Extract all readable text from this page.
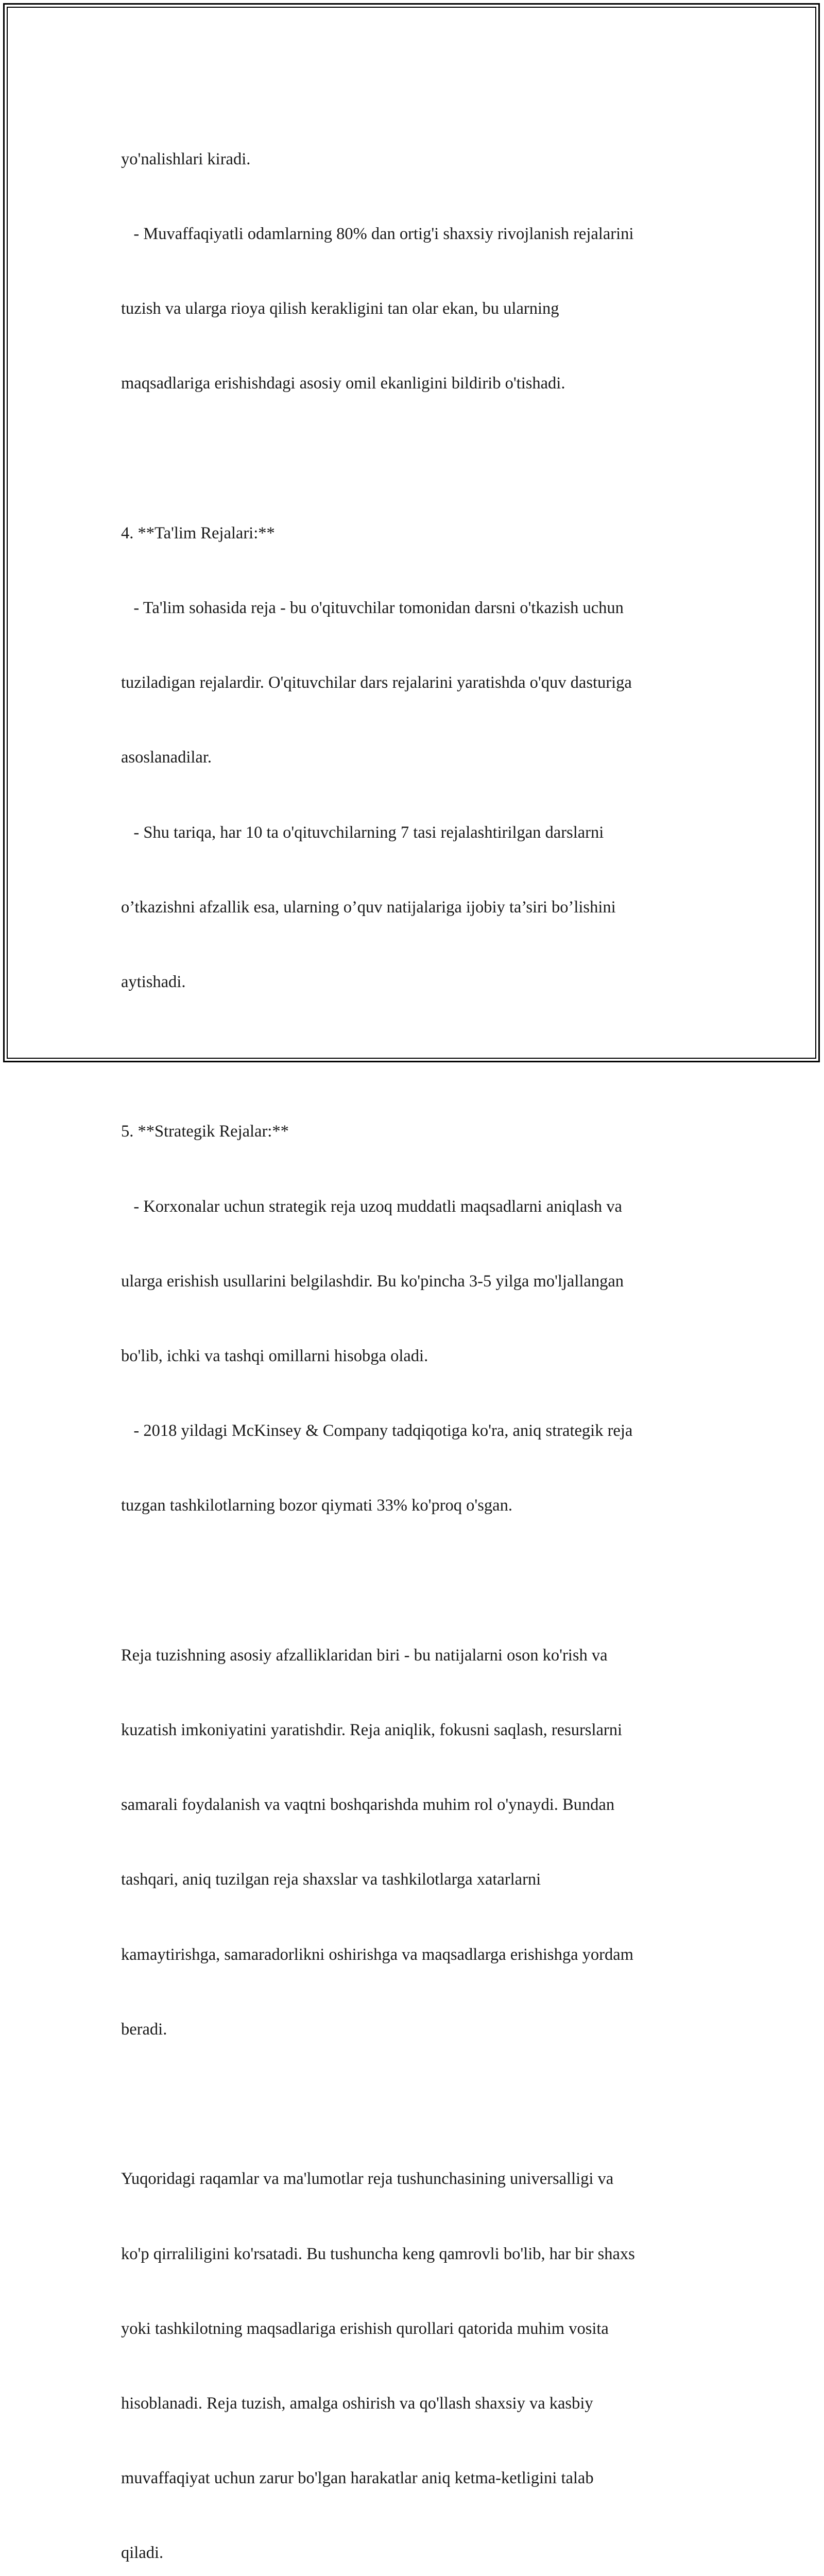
yo'nalishlari kiradi.

- Muvaffaqiyatli odamlarning 80% dan ortig'i shaxsiy rivojlanish rejalarini

tuzish va ularga rioya qilish kerakligini tan olar ekan, bu ularning

maqsadlariga erishishdagi asosiy omil ekanligini bildirib o'tishadi.

4. **Ta'lim Rejalari:**

- Ta'lim sohasida reja - bu o'qituvchilar tomonidan darsni o'tkazish uchun

tuziladigan rejalardir. O'qituvchilar dars rejalarini yaratishda o'quv dasturiga

asoslanadilar.

- Shu tariqa, har 10 ta o'qituvchilarning 7 tasi rejalashtirilgan darslarni

o’tkazishni afzallik esa, ularning o’quv natijalariga ijobiy ta’siri bo’lishini

aytishadi.

5. **Strategik Rejalar:**

- Korxonalar uchun strategik reja uzoq muddatli maqsadlarni aniqlash va

ularga erishish usullarini belgilashdir. Bu ko'pincha 3-5 yilga mo'ljallangan

bo'lib, ichki va tashqi omillarni hisobga oladi.

- 2018 yildagi McKinsey & Company tadqiqotiga ko'ra, aniq strategik reja

tuzgan tashkilotlarning bozor qiymati 33% ko'proq o'sgan.

Reja tuzishning asosiy afzalliklaridan biri - bu natijalarni oson ko'rish va

kuzatish imkoniyatini yaratishdir. Reja aniqlik, fokusni saqlash, resurslarni

samarali foydalanish va vaqtni boshqarishda muhim rol o'ynaydi. Bundan

tashqari, aniq tuzilgan reja shaxslar va tashkilotlarga xatarlarni

kamaytirishga, samaradorlikni oshirishga va maqsadlarga erishishga yordam

beradi.

Yuqoridagi raqamlar va ma'lumotlar reja tushunchasining universalligi va

ko'p qirraliligini ko'rsatadi. Bu tushuncha keng qamrovli bo'lib, har bir shaxs

yoki tashkilotning maqsadlariga erishish qurollari qatorida muhim vosita

hisoblanadi. Reja tuzish, amalga oshirish va qo'llash shaxsiy va kasbiy

muvaffaqiyat uchun zarur bo'lgan harakatlar aniq ketma-ketligini talab

qiladi.
